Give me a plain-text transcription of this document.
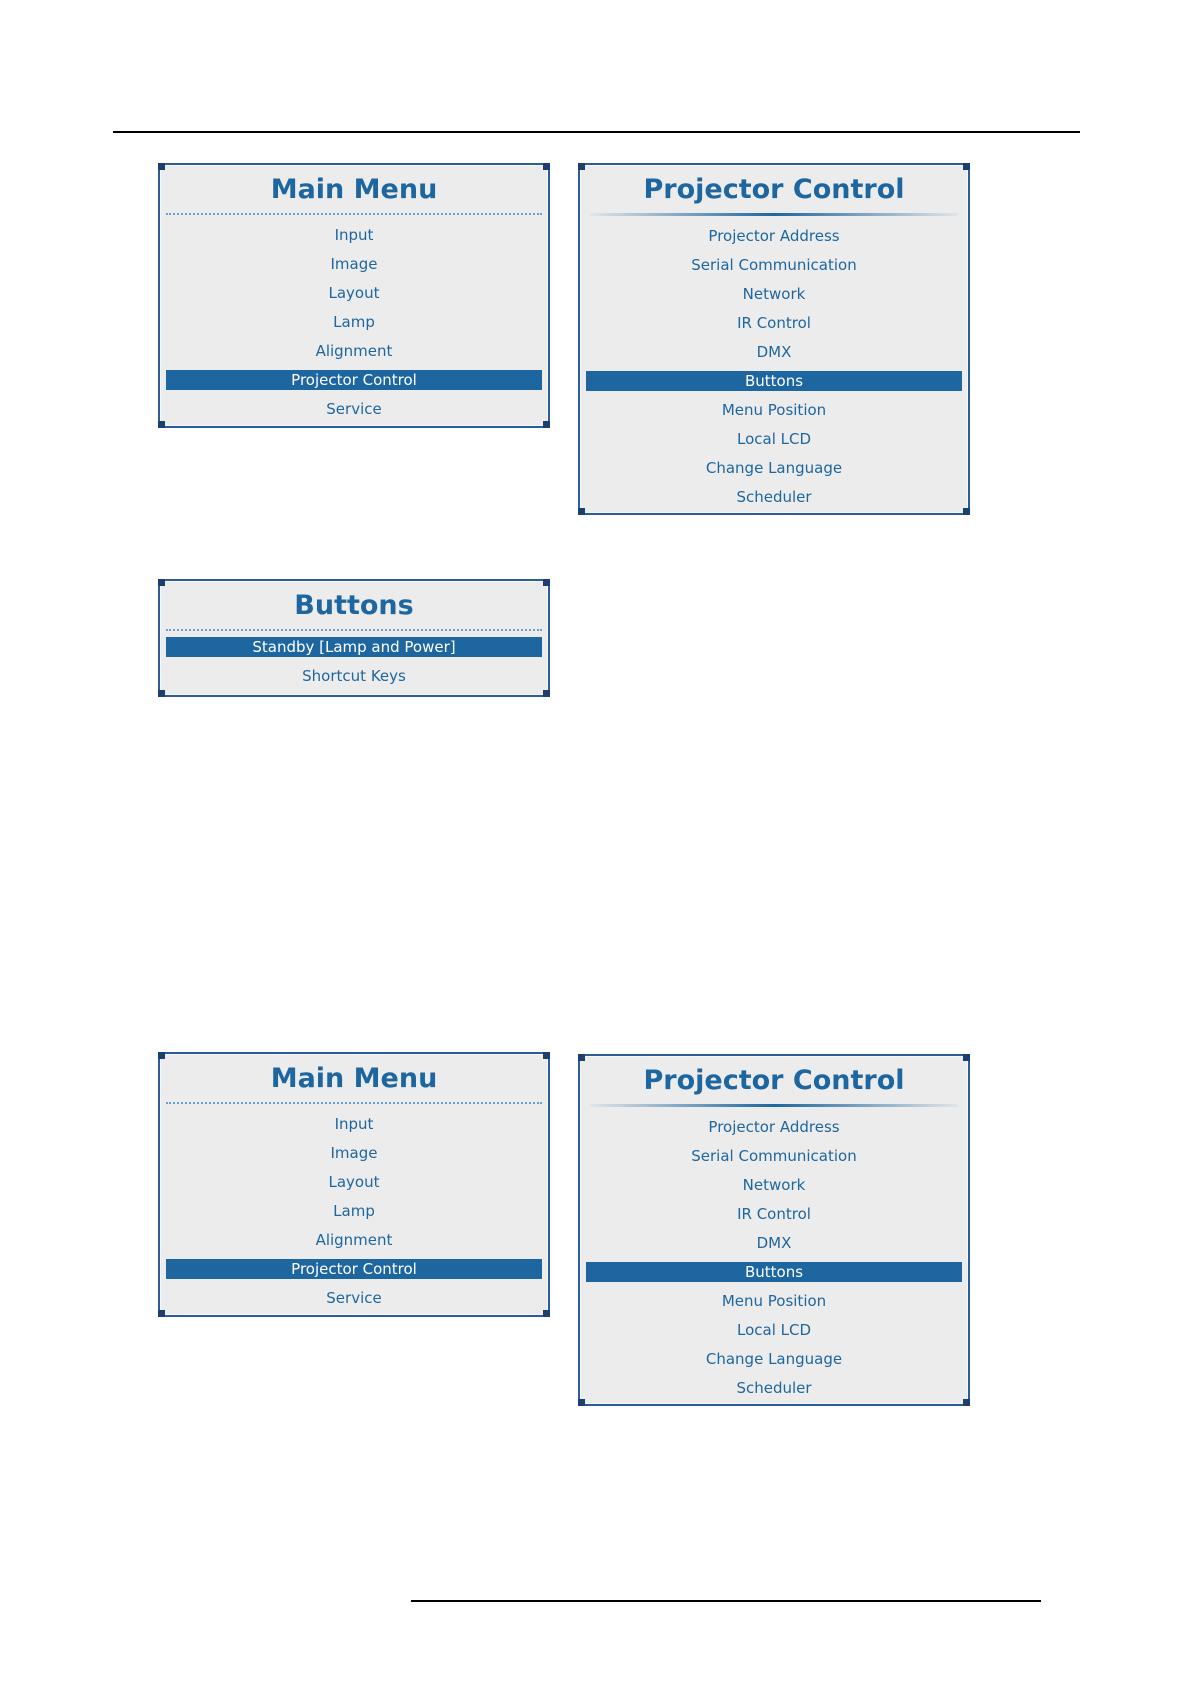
Main Menu
Input
Image
Layout
Lamp
Alignment
Projector Control
Service
Projector Control
Projector Address
Serial Communication
Network
IR Control
DMX
Buttons
Menu Position
Local LCD
Change Language
Scheduler
Buttons
Standby [Lamp and Power]
Shortcut Keys
Main Menu
Input
Image
Layout
Lamp
Alignment
Projector Control
Service
Projector Control
Projector Address
Serial Communication
Network
IR Control
DMX
Buttons
Menu Position
Local LCD
Change Language
Scheduler
